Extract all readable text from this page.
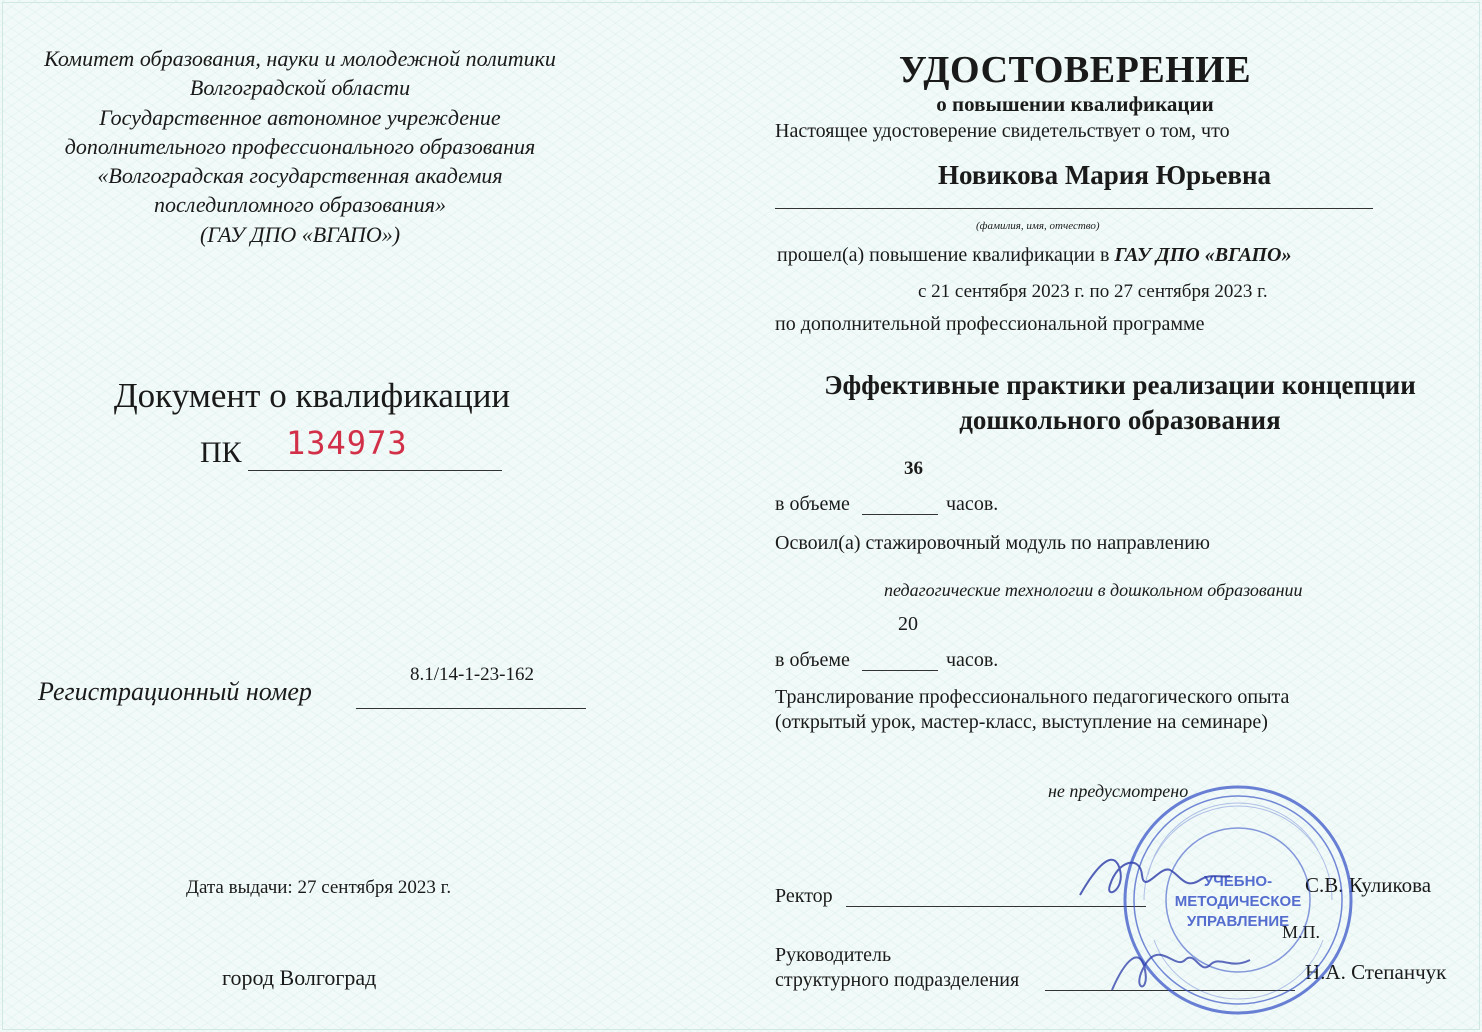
Комитет образования, науки и молодежной политики
Волгоградской области
Государственное автономное учреждение
дополнительного профессионального образования
«Волгоградская государственная академия
последипломного образования»
(ГАУ ДПО «ВГАПО»)
Документ о квалификации
ПК 134973
Регистрационный номер
8.1/14-1-23-162
Дата выдачи: 27 сентября 2023 г.
город Волгоград
УДОСТОВЕРЕНИЕ
о повышении квалификации
Настоящее удостоверение свидетельствует о том, что
Новикова Мария Юрьевна
(фамилия, имя, отчество)
прошел(а) повышение квалификации в ГАУ ДПО «ВГАПО»
с 21 сентября 2023 г. по 27 сентября 2023 г.
по дополнительной профессиональной программе
Эффективные практики реализации концепции
дошкольного образования
36
в объеме	часов.
Освоил(а) стажировочный модуль по направлению
педагогические технологии в дошкольном образовании
20
в объеме	часов.
Транслирование профессионального педагогического опыта
(открытый урок, мастер-класс, выступление на семинаре)
не предусмотрено
Ректор	С.В. Куликова
М.П.
Руководитель
структурного подразделения	Н.А. Степанчук
УЧЕБНО-
МЕТОДИЧЕСКОЕ
УПРАВЛЕНИЕ
